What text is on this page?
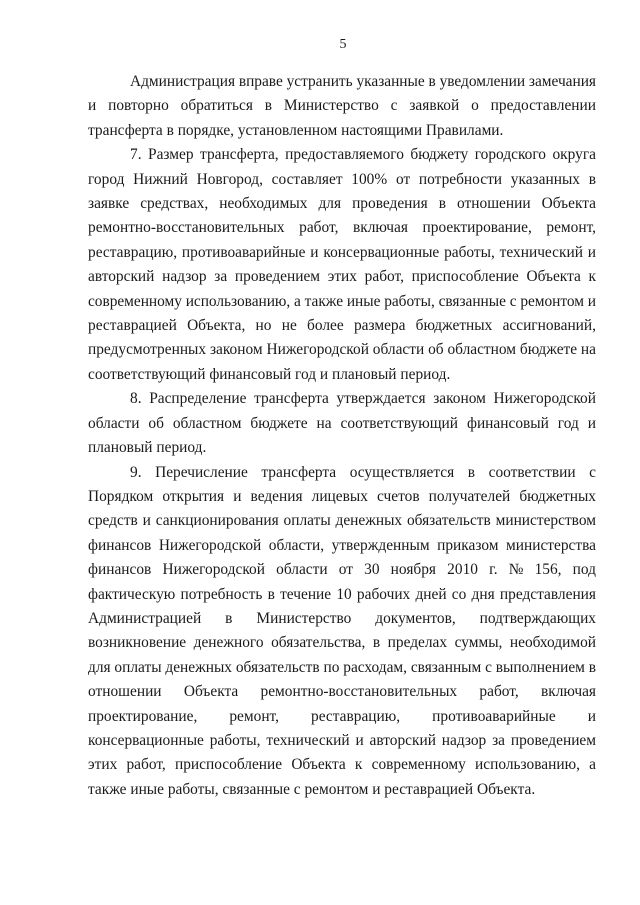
5

Администрация вправе устранить указанные в уведомлении замечания
и повторно обратиться в Министерство с заявкой о предоставлении
трансферта в порядке, установленном настоящими Правилами.

7. Размер трансферта, предоставляемого бюджету городского округа
город Нижний Новгород, составляет 100% от потребности указанных в
заявке средствах, необходимых для проведения в отношении Объекта
ремонтно-восстановительных работ, включая проектирование, ремонт,
реставрацию, противоаварийные и консервационные работы, технический и
авторский надзор за проведением этих работ, приспособление Объекта к
современному использованию, а также иные работы, связанные с ремонтом и
реставрацией Объекта, но не более размера бюджетных ассигнований,
предусмотренных законом Нижегородской области об областном бюджете на
соответствующий финансовый год и плановый период.

8. Распределение трансферта утверждается законом Нижегородской
области об областном бюджете на соответствующий финансовый год и
плановый период.

9. Перечисление трансферта осуществляется в соответствии с
Порядком открытия и ведения лицевых счетов получателей бюджетных
средств и санкционирования оплаты денежных обязательств министерством
финансов Нижегородской области, утвержденным приказом министерства
финансов Нижегородской области от 30 ноября 2010 г. № 156, под
фактическую потребность в течение 10 рабочих дней со дня представления
Администрацией в Министерство документов, подтверждающих
возникновение денежного обязательства, в пределах суммы, необходимой
для оплаты денежных обязательств по расходам, связанным с выполнением в
отношении Объекта ремонтно-восстановительных работ, включая
проектирование, ремонт, реставрацию, противоаварийные и
консервационные работы, технический и авторский надзор за проведением
этих работ, приспособление Объекта к современному использованию, а
также иные работы, связанные с ремонтом и реставрацией Объекта.
